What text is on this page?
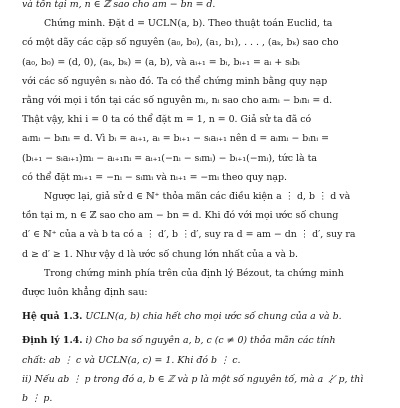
và tồn tại m, n ∈ ℤ sao cho am − bn = d.
Chứng minh. Đặt d = UCLN(a, b). Theo thuật toán Euclid, ta
có một dãy các cặp số nguyên (a₀, b₀), (a₁, b₁), . . . , (aₖ, bₖ) sao cho
(a₀, b₀) = (d, 0), (aₖ, bₖ) = (a, b), và aᵢ₊₁ = bᵢ, bᵢ₊₁ = aᵢ + sᵢbᵢ
với các số nguyên sᵢ nào đó. Ta có thể chứng minh bằng quy nạp
rằng với mọi i tồn tại các số nguyên mᵢ, nᵢ sao cho aᵢmᵢ − bᵢnᵢ = d.
Thật vậy, khi i = 0 ta có thể đặt m = 1, n = 0. Giả sử ta đã có
aᵢmᵢ − bᵢnᵢ = d. Vì bᵢ = aᵢ₊₁, aᵢ = bᵢ₊₁ − sᵢaᵢ₊₁ nên d = aᵢmᵢ − bᵢnᵢ =
(bᵢ₊₁ − sᵢaᵢ₊₁)mᵢ − aᵢ₊₁nᵢ = aᵢ₊₁(−nᵢ − sᵢmᵢ) − bᵢ₊₁(−mᵢ), tức là ta
có thể đặt mᵢ₊₁ = −nᵢ − sᵢmᵢ và nᵢ₊₁ = −mᵢ theo quy nạp.
Ngược lại, giả sử d ∈ ℕ⁺ thỏa mãn các điều kiện a ⋮ d, b ⋮ d và
tồn tại m, n ∈ ℤ sao cho am − bn = d. Khi đó với mọi ước số chung
d′ ∈ ℕ⁺ của a và b ta có a ⋮ d′, b ⋮d′, suy ra d = am − dn ⋮ d′, suy ra
d ≥ d′ ≥ 1. Như vậy d là ước số chung lớn nhất của a và b.
Trong chứng minh phía trên của định lý Bézout, ta chứng minh
được luôn khẳng định sau:
Hệ quả 1.3. UCLN(a, b) chia hết cho mọi ước số chung của a và b.
Định lý 1.4. i) Cho ba số nguyên a, b, c (c ≠ 0) thỏa mãn các tính
chất: ab ⋮ c và UCLN(a, c) = 1. Khi đó b ⋮ c.
ii) Nếu ab ⋮ p trong đó a, b ∈ ℤ và p là một số nguyên tố, mà a ⋮̸ p, thì
b ⋮ p.
